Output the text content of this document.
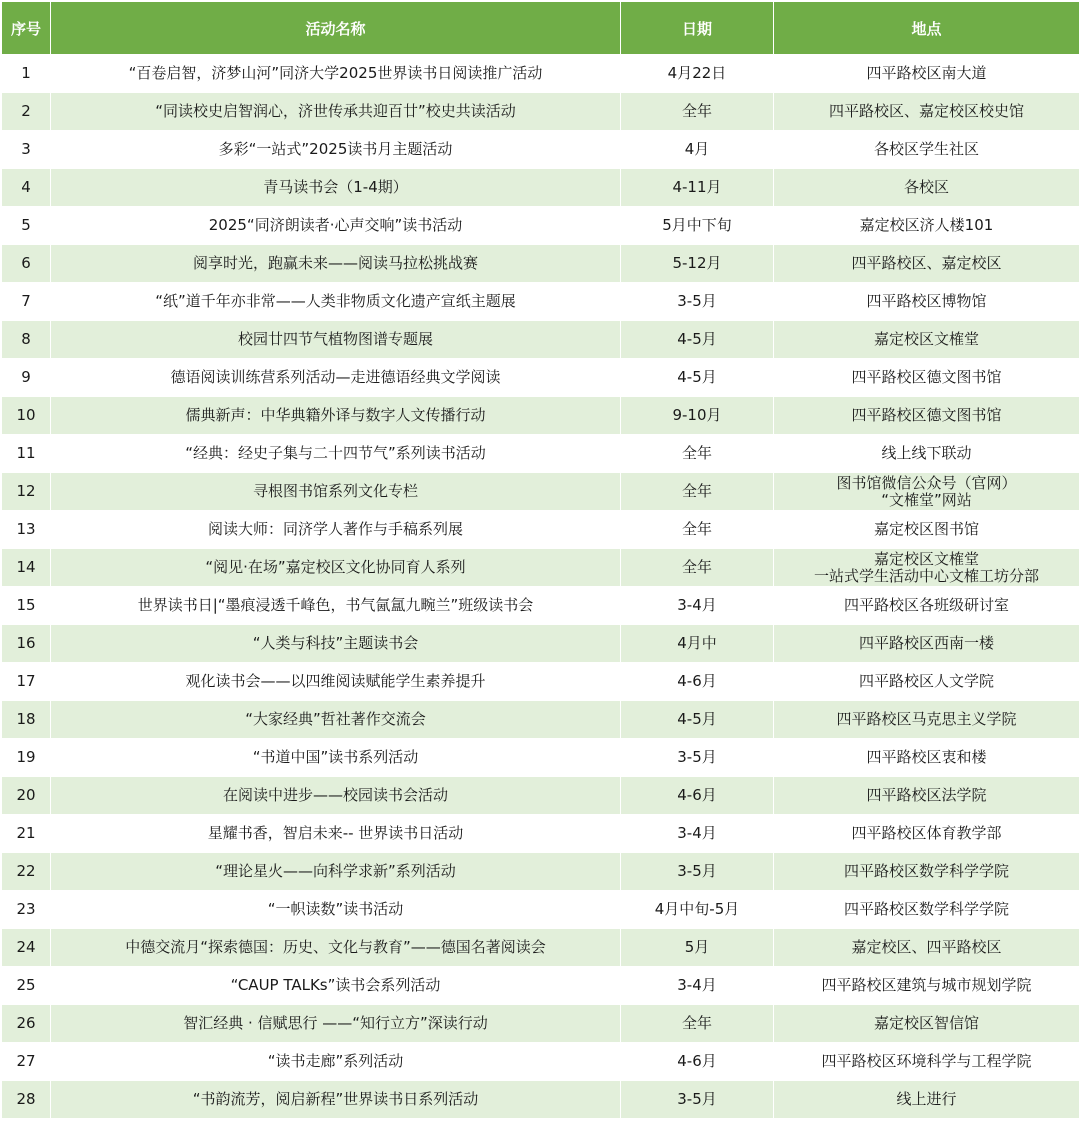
序号	活动名称	日期	地点
1	“百卷启智，济梦山河”同济大学2025世界读书日阅读推广活动	4月22日	四平路校区南大道

2	“同读校史启智润心，济世传承共迎百廿”校史共读活动	全年	四平路校区、嘉定校区校史馆

3	多彩“一站式”2025读书月主题活动	4月	各校区学生社区

4	青马读书会（1-4期）	4-11月	各校区

5	2025“同济朗读者·心声交响”读书活动	5月中下旬	嘉定校区济人楼101

6	阅享时光，跑赢未来——阅读马拉松挑战赛	5-12月	四平路校区、嘉定校区

7	“纸”道千年亦非常——人类非物质文化遗产宣纸主题展	3-5月	四平路校区博物馆

8	校园廿四节气植物图谱专题展	4-5月	嘉定校区文榷堂

9	德语阅读训练营系列活动—走进德语经典文学阅读	4-5月	四平路校区德文图书馆

10	儒典新声：中华典籍外译与数字人文传播行动	9-10月	四平路校区德文图书馆

11	“经典：经史子集与二十四节气”系列读书活动	全年	线上线下联动

12	寻根图书馆系列文化专栏	全年	图书馆微信公众号（官网）
“文榷堂”网站

13	阅读大师：同济学人著作与手稿系列展	全年	嘉定校区图书馆

14	“阅见·在场”嘉定校区文化协同育人系列	全年	嘉定校区文榷堂
一站式学生活动中心文榷工坊分部

15	世界读书日|“墨痕浸透千峰色，书气氤氲九畹兰”班级读书会	3-4月	四平路校区各班级研讨室

16	“人类与科技”主题读书会	4月中	四平路校区西南一楼

17	观化读书会——以四维阅读赋能学生素养提升	4-6月	四平路校区人文学院

18	“大家经典”哲社著作交流会	4-5月	四平路校区马克思主义学院

19	“书道中国”读书系列活动	3-5月	四平路校区衷和楼

20	在阅读中进步——校园读书会活动	4-6月	四平路校区法学院

21	星耀书香，智启未来-- 世界读书日活动	3-4月	四平路校区体育教学部

22	“理论星火——向科学求新”系列活动	3-5月	四平路校区数学科学学院

23	“一帜读数”读书活动	4月中旬-5月	四平路校区数学科学学院

24	中德交流月“探索德国：历史、文化与教育”——德国名著阅读会	5月	嘉定校区、四平路校区

25	“CAUP TALKs”读书会系列活动	3-4月	四平路校区建筑与城市规划学院

26	智汇经典 · 信赋思行 ——“知行立方”深读行动	全年	嘉定校区智信馆

27	“读书走廊”系列活动	4-6月	四平路校区环境科学与工程学院

28	“书韵流芳，阅启新程”世界读书日系列活动	3-5月	线上进行
